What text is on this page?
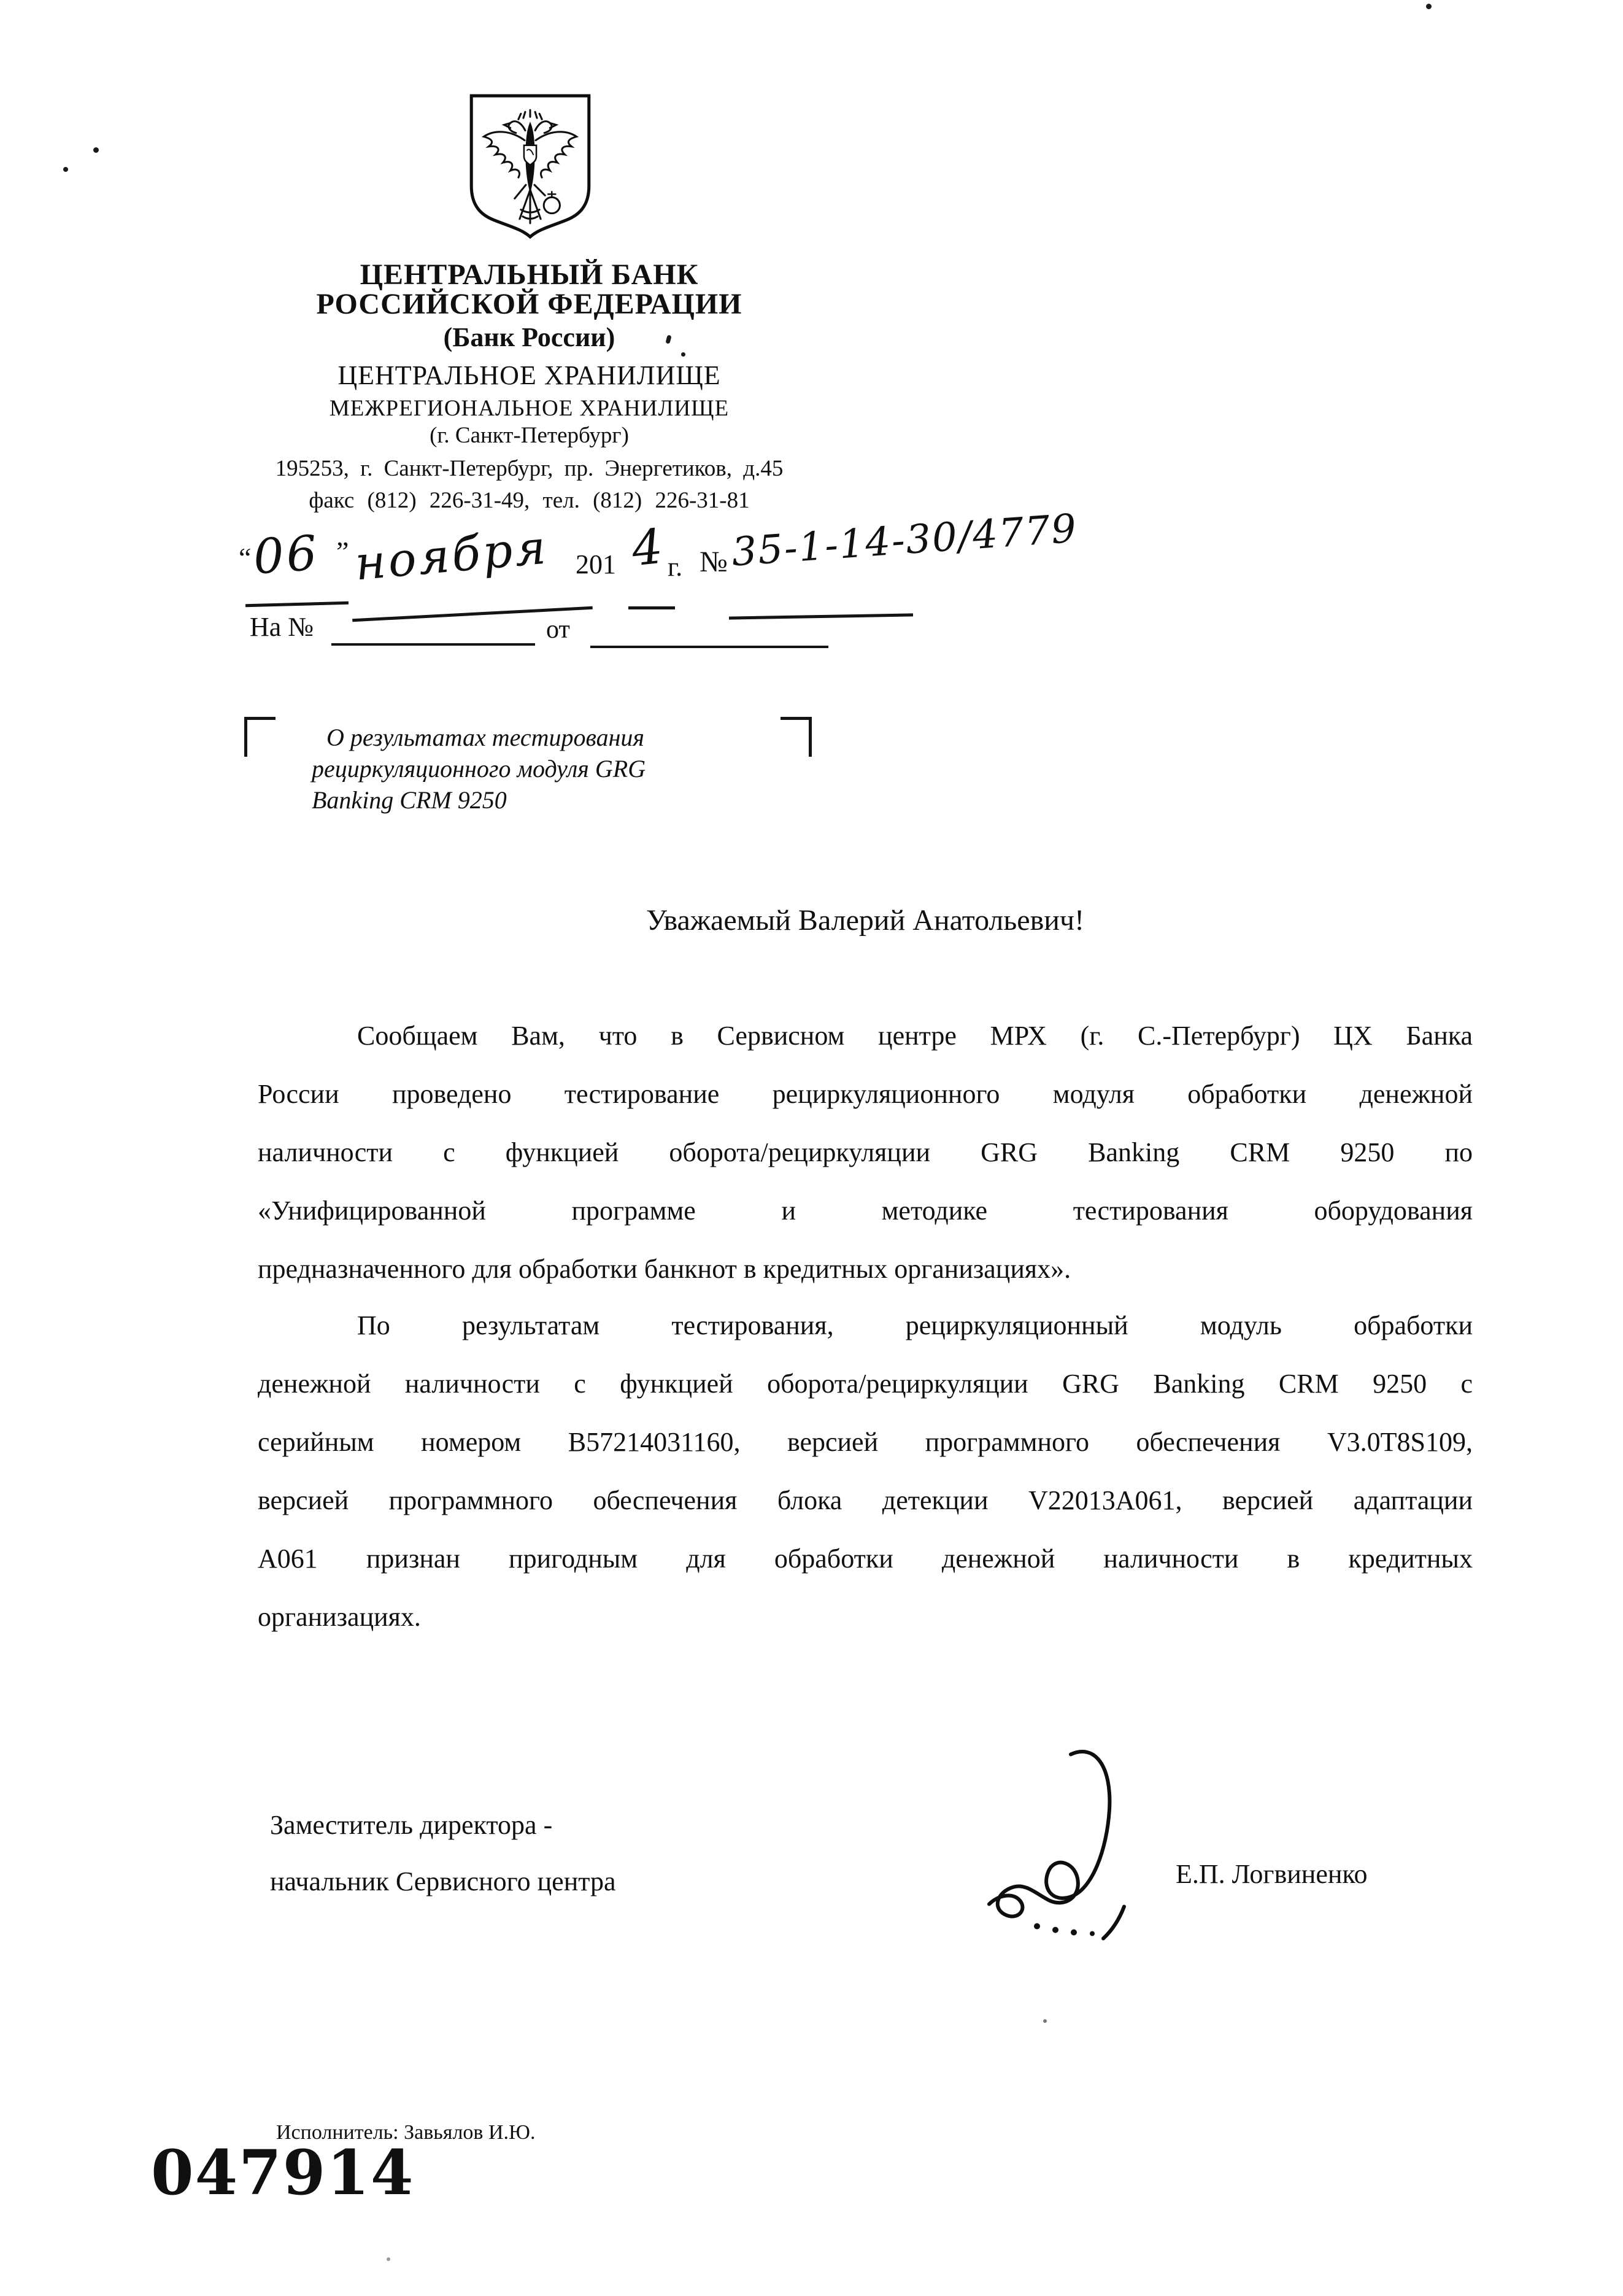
ЦЕНТРАЛЬНЫЙ БАНК
РОССИЙСКОЙ ФЕДЕРАЦИИ
(Банк России)
ЦЕНТРАЛЬНОЕ ХРАНИЛИЩЕ
МЕЖРЕГИОНАЛЬНОЕ ХРАНИЛИЩЕ
(г. Санкт-Петербург)
195253, г. Санкт-Петербург, пр. Энергетиков, д.45
факс (812) 226-31-49, тел. (812) 226-31-81
“ 06 ” ноября 201 4 г. № 35-1-14-30/4779
На №	от
О результатах тестирования
рециркуляционного модуля GRG
Banking CRM 9250
Уважаемый Валерий Анатольевич!
Сообщаем Вам, что в Сервисном центре МРХ (г. С.-Петербург) ЦХ Банка
России проведено тестирование рециркуляционного модуля обработки денежной
наличности с функцией оборота/рециркуляции GRG Banking CRM 9250 по
«Унифицированной программе и методике тестирования оборудования
предназначенного для обработки банкнот в кредитных организациях».
По результатам тестирования, рециркуляционный модуль обработки
денежной наличности с функцией оборота/рециркуляции GRG Banking CRM 9250 с
серийным номером В57214031160, версией программного обеспечения V3.0T8S109,
версией программного обеспечения блока детекции V22013A061, версией адаптации
А061 признан пригодным для обработки денежной наличности в кредитных
организациях.
Заместитель директора -
начальник Сервисного центра	Е.П. Логвиненко
Исполнитель: Завьялов И.Ю.
047914
